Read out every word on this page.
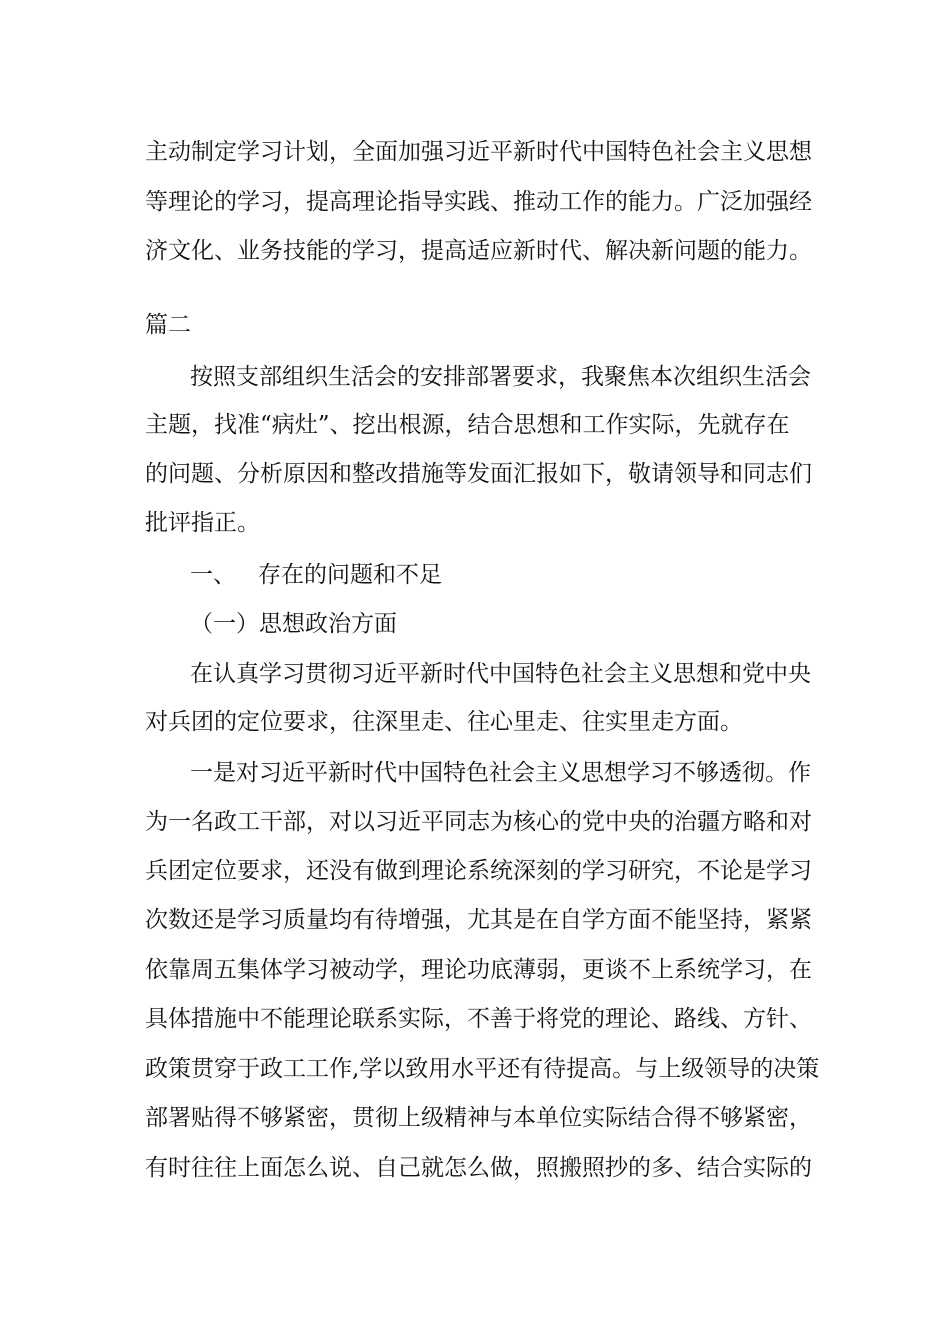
主动制定学习计划，全面加强习近平新时代中国特色社会主义思想
等理论的学习，提高理论指导实践、推动工作的能力。广泛加强经
济文化、业务技能的学习，提高适应新时代、解决新问题的能力。
篇二
按照支部组织生活会的安排部署要求，我聚焦本次组织生活会
主题，找准“病灶”、挖出根源，结合思想和工作实际，先就存在
的问题、分析原因和整改措施等发面汇报如下，敬请领导和同志们
批评指正。
一、 存在的问题和不足
（一）思想政治方面
在认真学习贯彻习近平新时代中国特色社会主义思想和党中央
对兵团的定位要求，往深里走、往心里走、往实里走方面。
一是对习近平新时代中国特色社会主义思想学习不够透彻。作
为一名政工干部，对以习近平同志为核心的党中央的治疆方略和对
兵团定位要求，还没有做到理论系统深刻的学习研究，不论是学习
次数还是学习质量均有待增强，尤其是在自学方面不能坚持，紧紧
依靠周五集体学习被动学，理论功底薄弱，更谈不上系统学习，在
具体措施中不能理论联系实际，不善于将党的理论、路线、方针、
政策贯穿于政工工作,学以致用水平还有待提高。与上级领导的决策
部署贴得不够紧密，贯彻上级精神与本单位实际结合得不够紧密，
有时往往上面怎么说、自己就怎么做，照搬照抄的多、结合实际的
